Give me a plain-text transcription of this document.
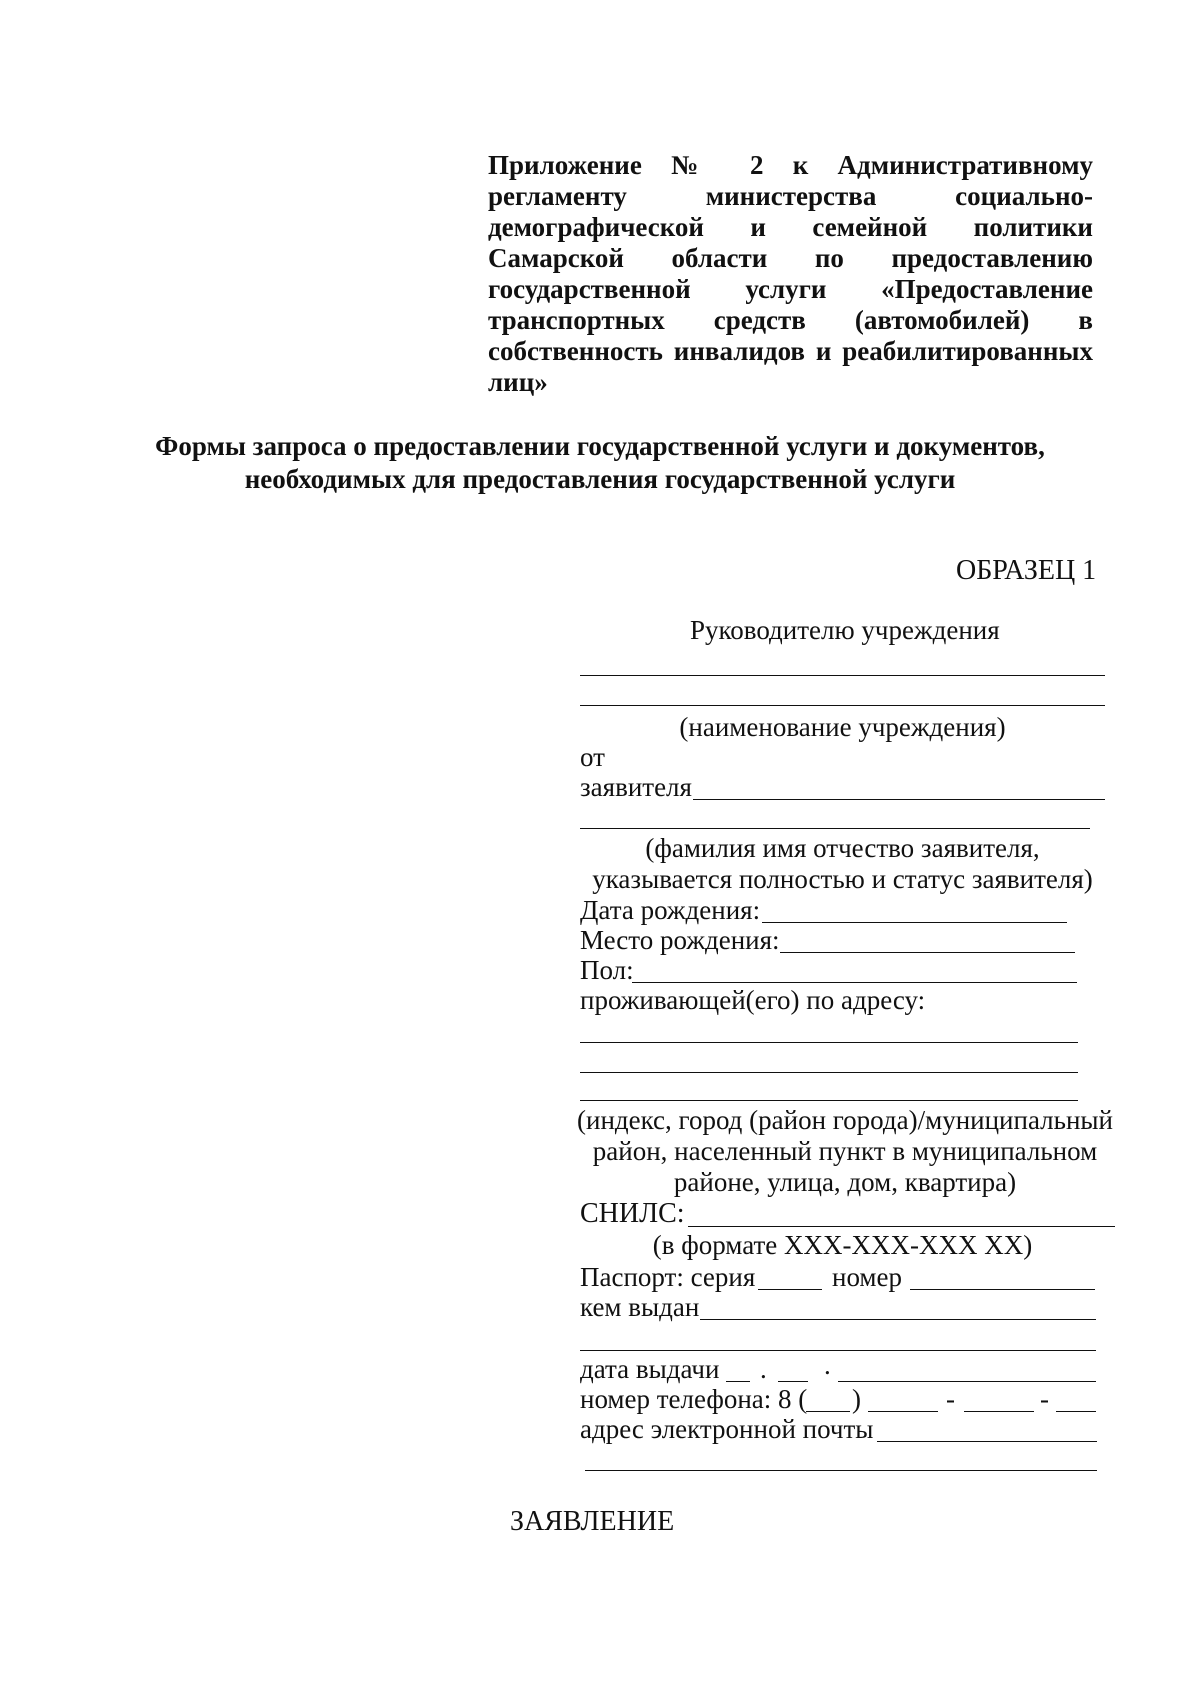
Приложение № 2 к Административному
регламенту министерства социально-
демографической и семейной политики
Самарской области по предоставлению
государственной услуги «Предоставление
транспортных средств (автомобилей) в
собственность инвалидов и реабилитированных
лиц»
Формы запроса о предоставлении государственной услуги и документов,
необходимых для предоставления государственной услуги
ОБРАЗЕЦ 1
Руководителю учреждения
(наименование учреждения)
от
заявителя
(фамилия имя отчество заявителя,
указывается полностью и статус заявителя)
Дата рождения:
Место рождения:
Пол:
проживающей(его) по адресу:
(индекс, город (район города)/муниципальный
район, населенный пункт в муниципальном
районе, улица, дом, квартира)
СНИЛС:
(в формате XXX-XXX-XXX XX)
Паспорт: серия	номер
кем выдан
дата выдачи . .
номер телефона: 8 ( )	-	-
адрес электронной почты
ЗАЯВЛЕНИЕ
